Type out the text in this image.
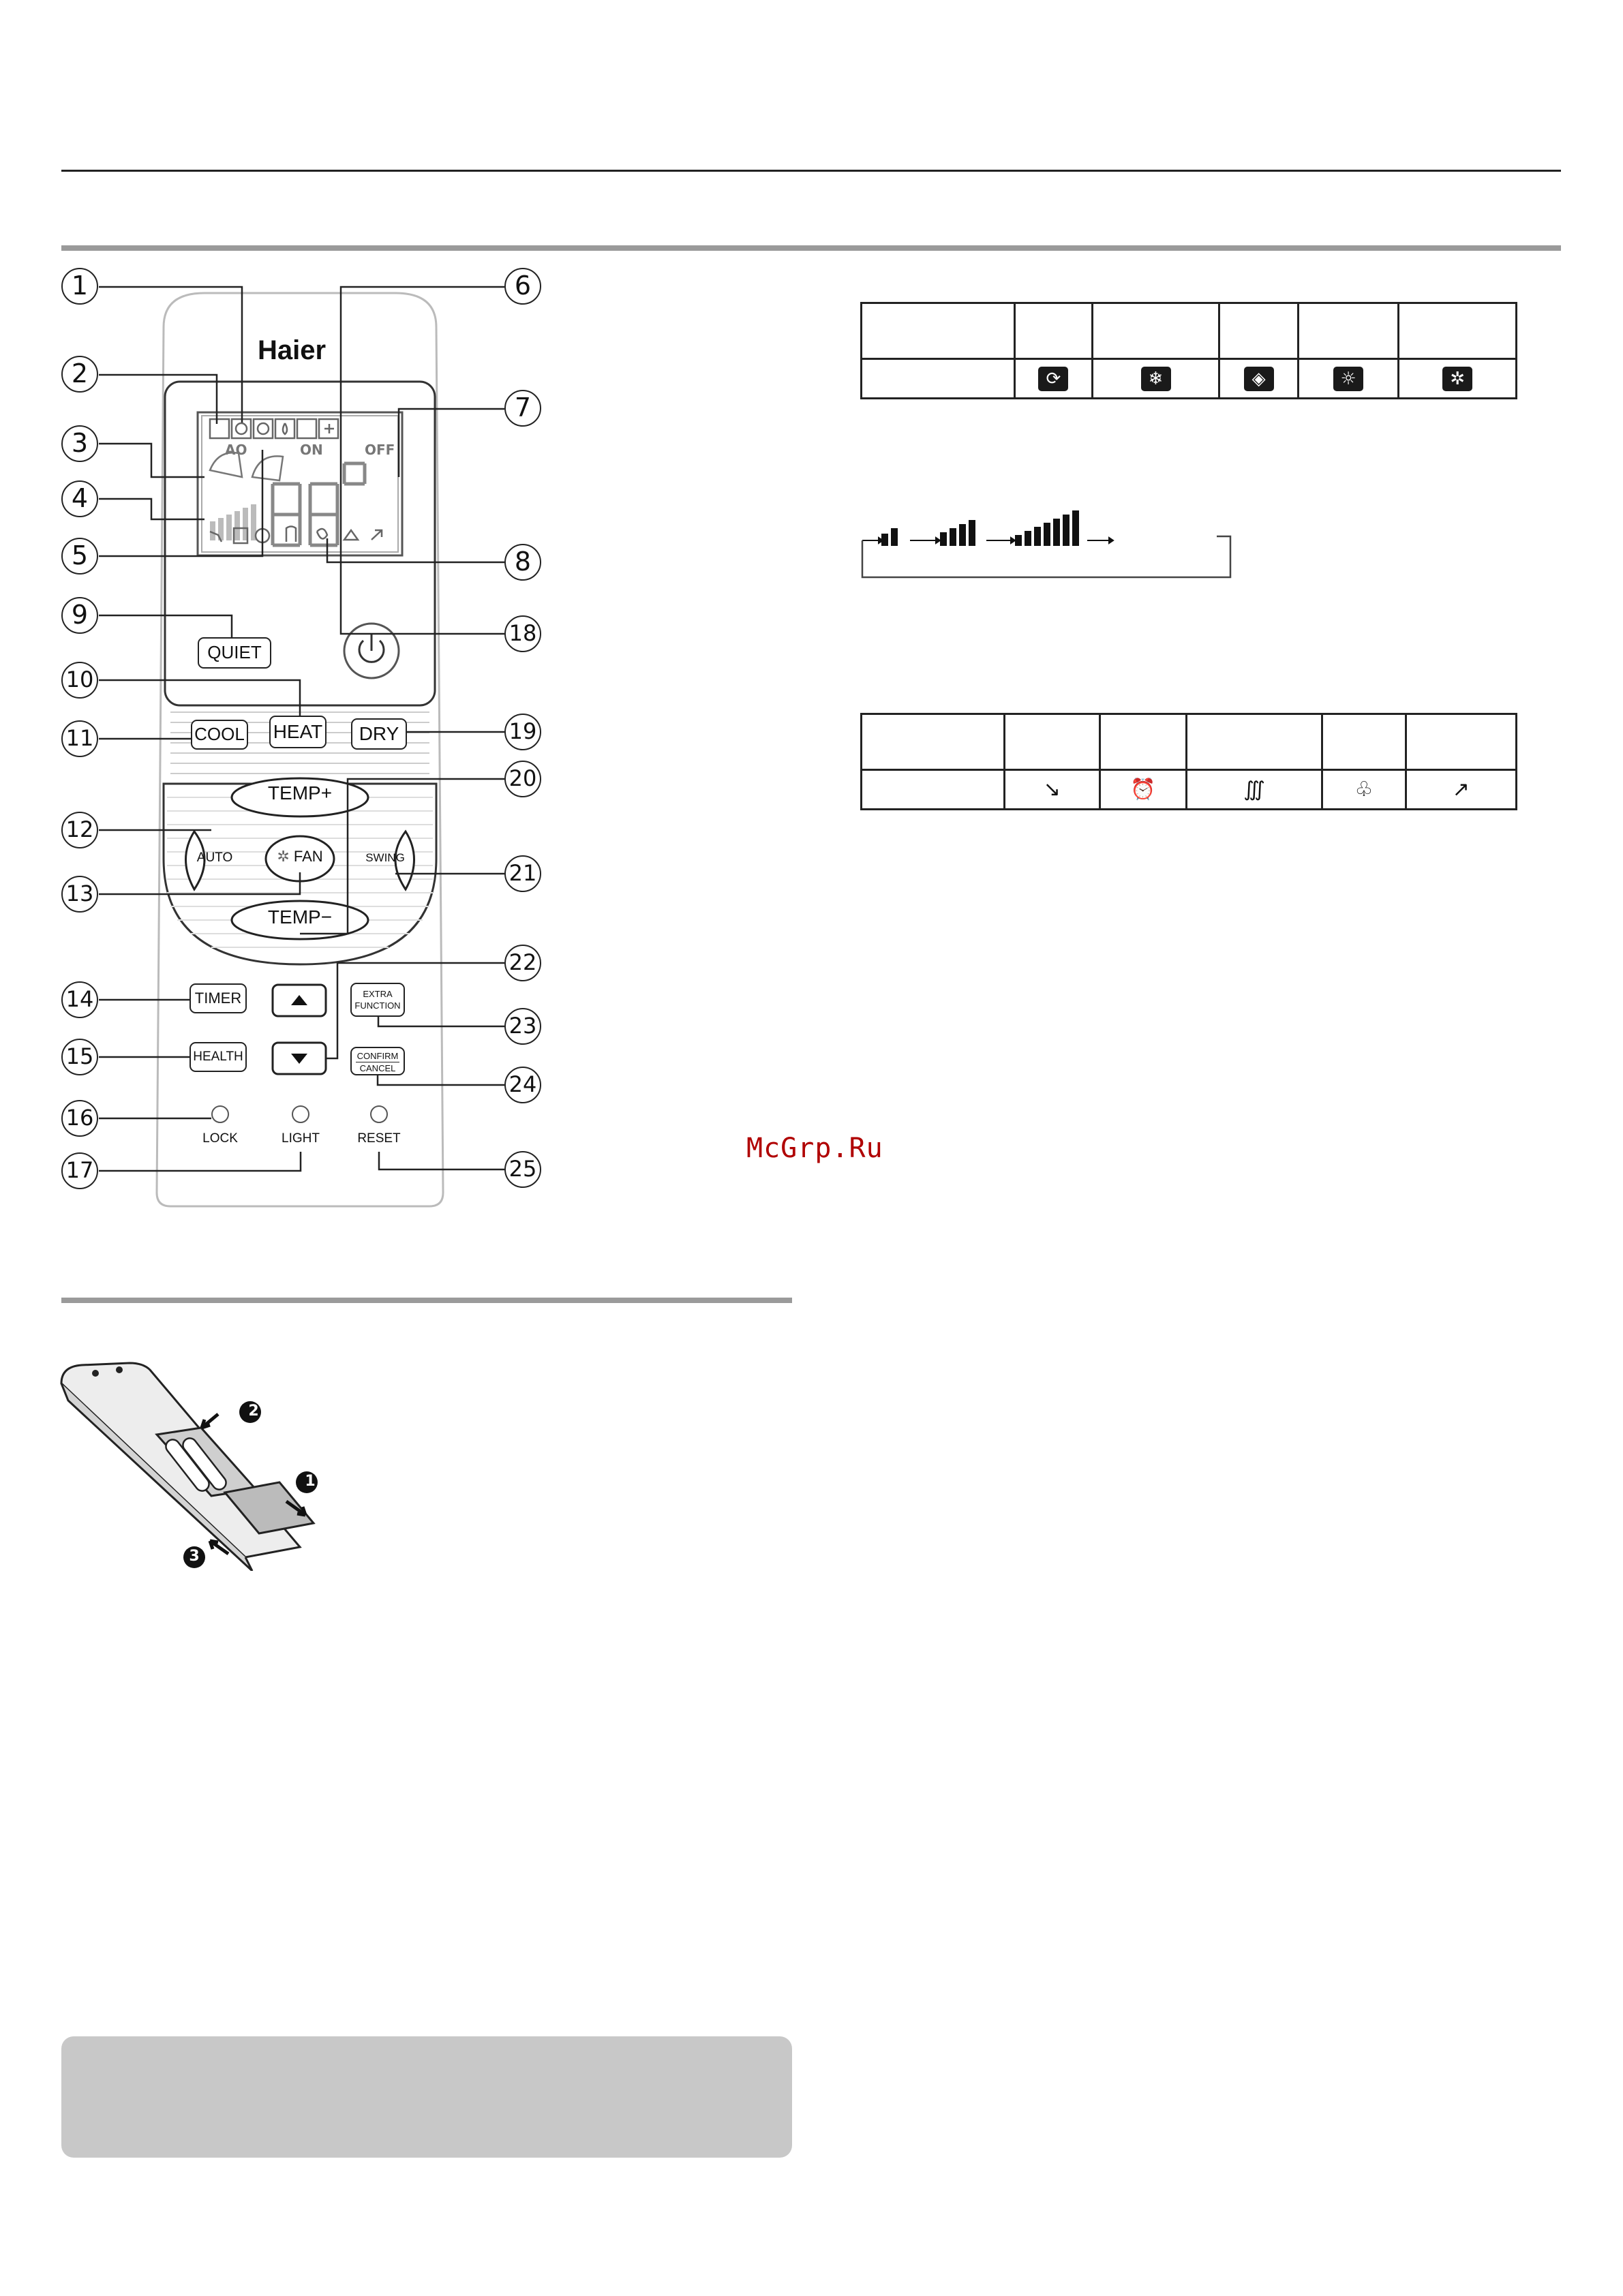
Haier
AO	ON	OFF
QUIET
COOL HEAT	DRY
TEMP+
TEMP−
AUTO	✲ FAN	SWING
TIMER
HEALTH
EXTRA
FUNCTION
CONFIRM
CANCEL
LOCK	LIGHT	RESET
1
2
3
4
5
6
7
8
9
10
11
12
13
14
15
16
17
18
19
20
21
22
23
24
25

	⟳	❄	◈	☼	✲

	↘	⏰	∭	♧	↗
McGrp.Ru
2
1
3
